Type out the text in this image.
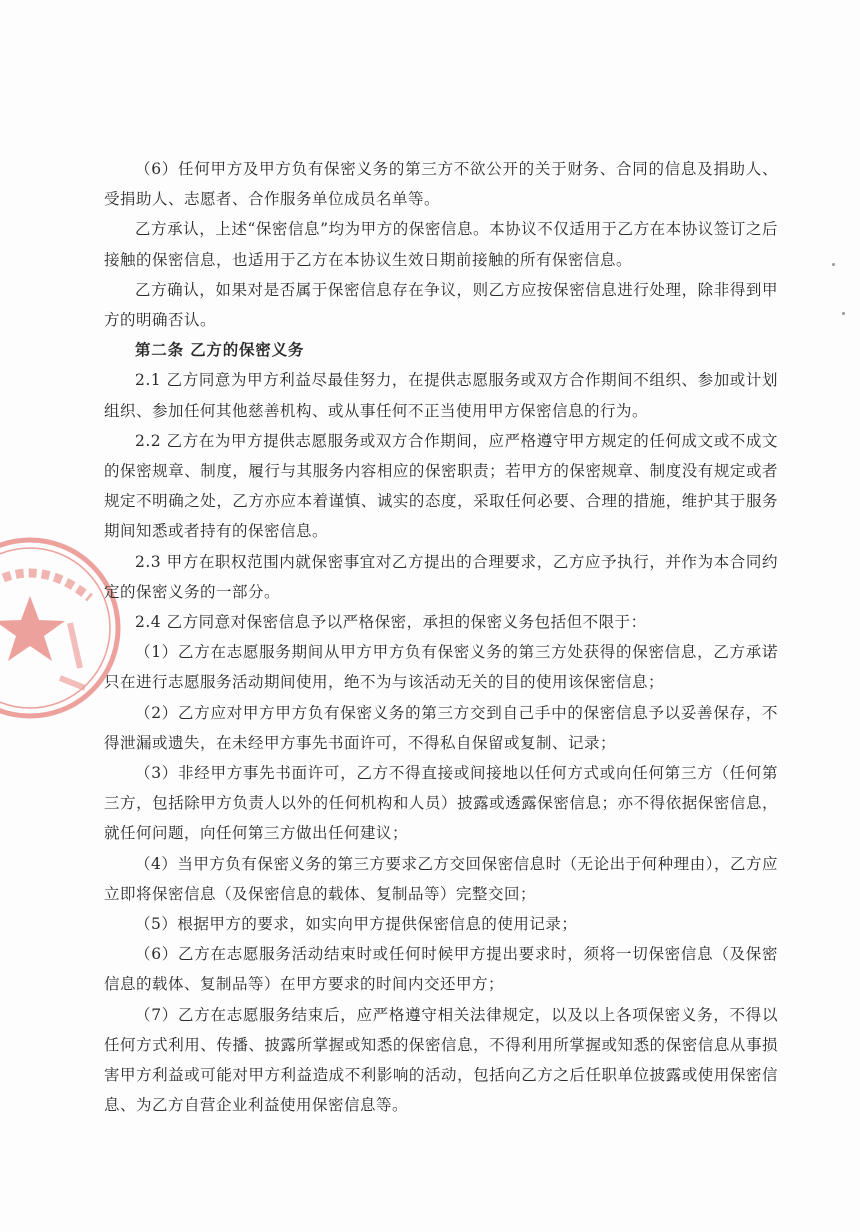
（6）任何甲方及甲方负有保密义务的第三方不欲公开的关于财务、合同的信息及捐助人、受捐助人、志愿者、合作服务单位成员名单等。

乙方承认，上述“保密信息”均为甲方的保密信息。本协议不仅适用于乙方在本协议签订之后接触的保密信息，也适用于乙方在本协议生效日期前接触的所有保密信息。

乙方确认，如果对是否属于保密信息存在争议，则乙方应按保密信息进行处理，除非得到甲方的明确否认。

第二条 乙方的保密义务

2.1 乙方同意为甲方利益尽最佳努力，在提供志愿服务或双方合作期间不组织、参加或计划组织、参加任何其他慈善机构、或从事任何不正当使用甲方保密信息的行为。

2.2 乙方在为甲方提供志愿服务或双方合作期间，应严格遵守甲方规定的任何成文或不成文的保密规章、制度，履行与其服务内容相应的保密职责；若甲方的保密规章、制度没有规定或者规定不明确之处，乙方亦应本着谨慎、诚实的态度，采取任何必要、合理的措施，维护其于服务期间知悉或者持有的保密信息。

2.3 甲方在职权范围内就保密事宜对乙方提出的合理要求，乙方应予执行，并作为本合同约定的保密义务的一部分。

2.4 乙方同意对保密信息予以严格保密，承担的保密义务包括但不限于：

（1）乙方在志愿服务期间从甲方甲方负有保密义务的第三方处获得的保密信息，乙方承诺只在进行志愿服务活动期间使用，绝不为与该活动无关的目的使用该保密信息；

（2）乙方应对甲方甲方负有保密义务的第三方交到自己手中的保密信息予以妥善保存，不得泄漏或遗失，在未经甲方事先书面许可，不得私自保留或复制、记录；

（3）非经甲方事先书面许可，乙方不得直接或间接地以任何方式或向任何第三方（任何第三方，包括除甲方负责人以外的任何机构和人员）披露或透露保密信息；亦不得依据保密信息，就任何问题，向任何第三方做出任何建议；

（4）当甲方负有保密义务的第三方要求乙方交回保密信息时（无论出于何种理由），乙方应立即将保密信息（及保密信息的载体、复制品等）完整交回；

（5）根据甲方的要求，如实向甲方提供保密信息的使用记录；

（6）乙方在志愿服务活动结束时或任何时候甲方提出要求时，须将一切保密信息（及保密信息的载体、复制品等）在甲方要求的时间内交还甲方；

（7）乙方在志愿服务结束后，应严格遵守相关法律规定，以及以上各项保密义务，不得以任何方式利用、传播、披露所掌握或知悉的保密信息，不得利用所掌握或知悉的保密信息从事损害甲方利益或可能对甲方利益造成不利影响的活动，包括向乙方之后任职单位披露或使用保密信息、为乙方自营企业利益使用保密信息等。
